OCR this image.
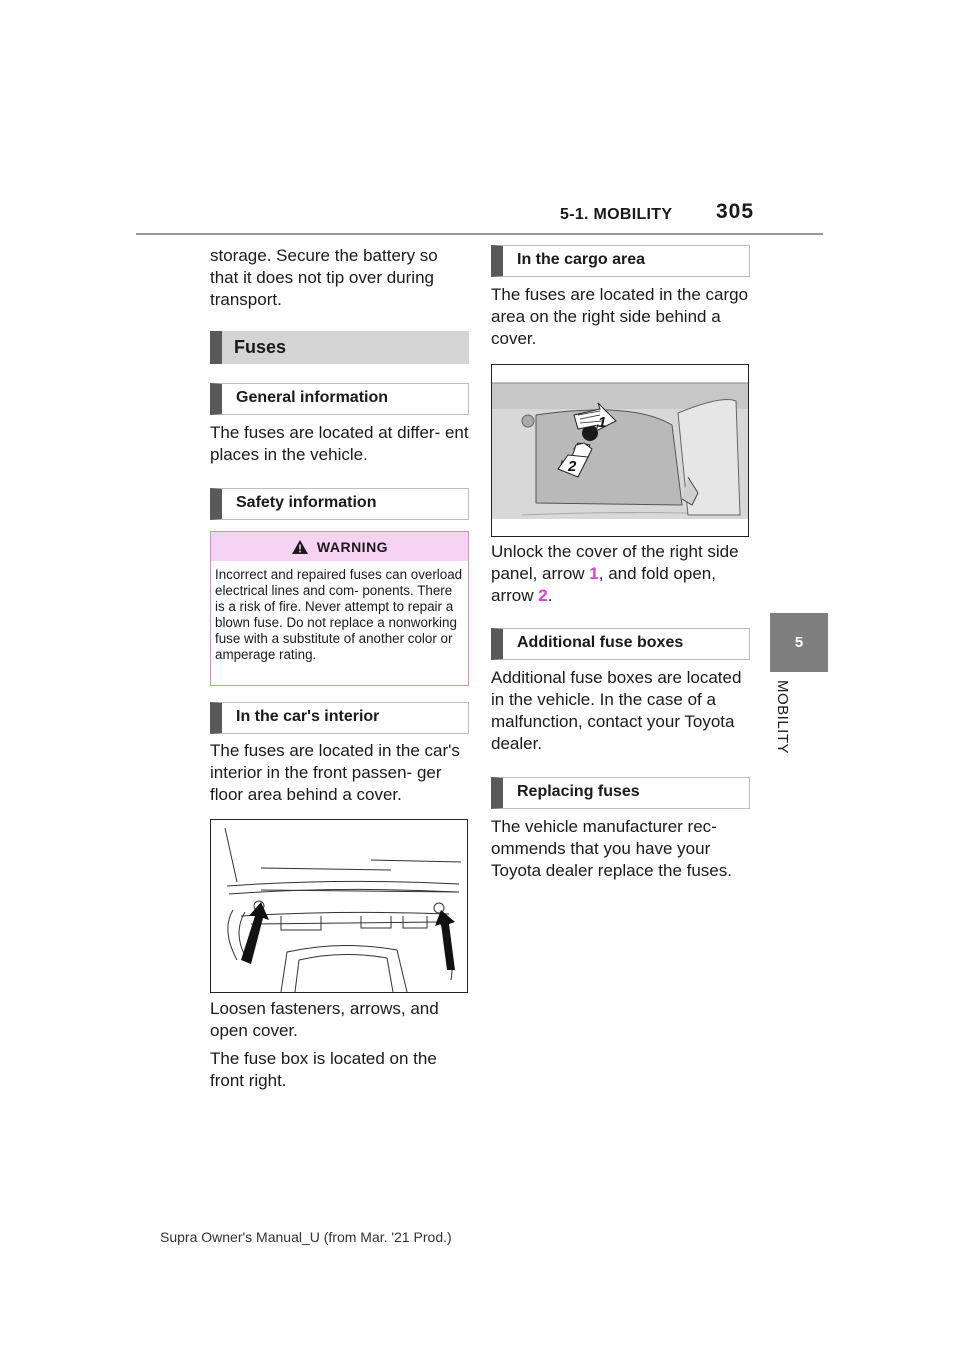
5-1. MOBILITY 305
5
MOBILITY
storage. Secure the battery so that it does not tip over during transport.
Fuses
General information
The fuses are located at differ- ent places in the vehicle.
Safety information
WARNING
Incorrect and repaired fuses can overload electrical lines and com- ponents. There is a risk of fire. Never attempt to repair a blown fuse. Do not replace a nonworking fuse with a substitute of another color or amperage rating.
In the car's interior
The fuses are located in the car's interior in the front passen- ger floor area behind a cover.
Loosen fasteners, arrows, and open cover.
The fuse box is located on the front right.
In the cargo area
The fuses are located in the cargo area on the right side behind a cover.
1
2
Unlock the cover of the right side panel, arrow 1, and fold open, arrow 2.
Additional fuse boxes
Additional fuse boxes are located in the vehicle. In the case of a malfunction, contact your Toyota dealer.
Replacing fuses
The vehicle manufacturer rec- ommends that you have your Toyota dealer replace the fuses.
Supra Owner's Manual_U (from Mar. '21 Prod.)
